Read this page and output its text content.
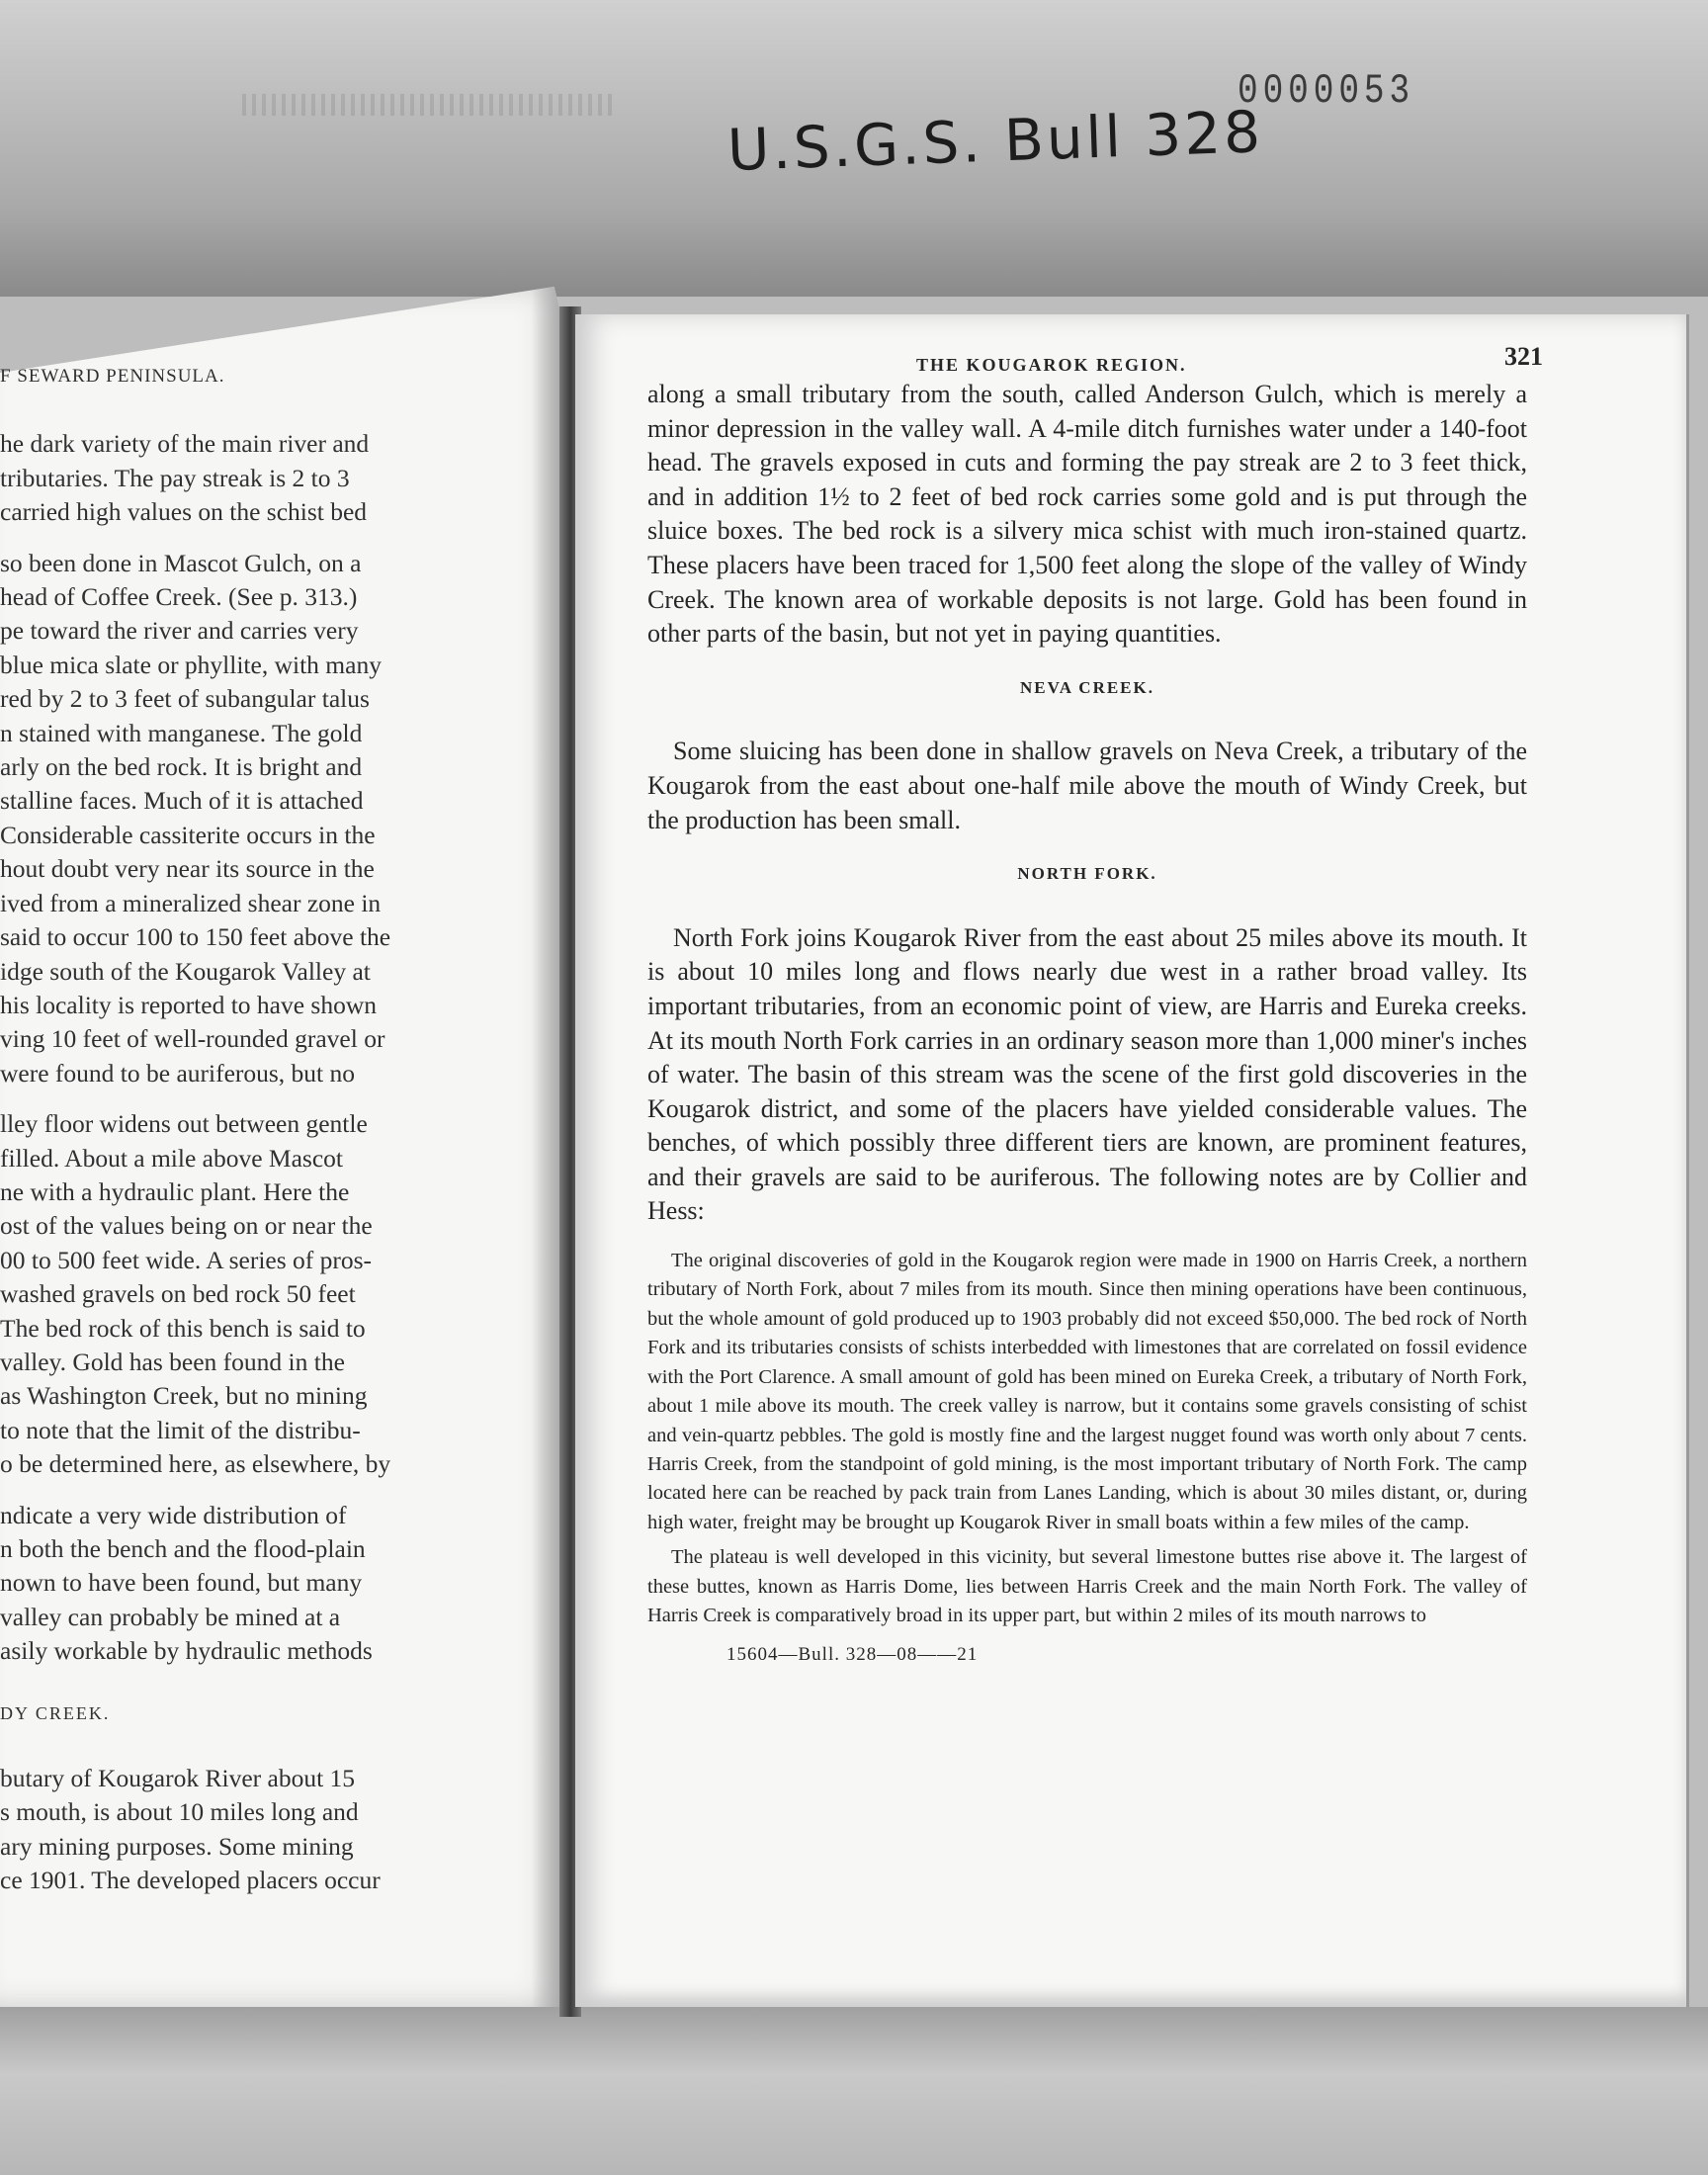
0000053

U.S.G.S. Bull 328

F SEWARD PENINSULA.

he dark variety of the main river and

tributaries. The pay streak is 2 to 3

carried high values on the schist bed

so been done in Mascot Gulch, on a

head of Coffee Creek. (See p. 313.)

pe toward the river and carries very

blue mica slate or phyllite, with many

red by 2 to 3 feet of subangular talus

n stained with manganese. The gold

arly on the bed rock. It is bright and

stalline faces. Much of it is attached

Considerable cassiterite occurs in the

hout doubt very near its source in the

ived from a mineralized shear zone in

said to occur 100 to 150 feet above the

idge south of the Kougarok Valley at

his locality is reported to have shown

ving 10 feet of well-rounded gravel or

were found to be auriferous, but no

lley floor widens out between gentle

filled. About a mile above Mascot

ne with a hydraulic plant. Here the

ost of the values being on or near the

00 to 500 feet wide. A series of pros-

washed gravels on bed rock 50 feet

The bed rock of this bench is said to

valley. Gold has been found in the

as Washington Creek, but no mining

to note that the limit of the distribu-

o be determined here, as elsewhere, by

ndicate a very wide distribution of

n both the bench and the flood-plain

nown to have been found, but many

valley can probably be mined at a

asily workable by hydraulic methods

DY CREEK.

butary of Kougarok River about 15

s mouth, is about 10 miles long and

ary mining purposes. Some mining

ce 1901. The developed placers occur

THE KOUGAROK REGION.	321

along a small tributary from the south, called Anderson Gulch, which is merely a minor depression in the valley wall. A 4-mile ditch furnishes water under a 140-foot head. The gravels exposed in cuts and forming the pay streak are 2 to 3 feet thick, and in addition 1½ to 2 feet of bed rock carries some gold and is put through the sluice boxes. The bed rock is a silvery mica schist with much iron-stained quartz. These placers have been traced for 1,500 feet along the slope of the valley of Windy Creek. The known area of workable deposits is not large. Gold has been found in other parts of the basin, but not yet in paying quantities.

NEVA CREEK.

Some sluicing has been done in shallow gravels on Neva Creek, a tributary of the Kougarok from the east about one-half mile above the mouth of Windy Creek, but the production has been small.

NORTH FORK.

North Fork joins Kougarok River from the east about 25 miles above its mouth. It is about 10 miles long and flows nearly due west in a rather broad valley. Its important tributaries, from an economic point of view, are Harris and Eureka creeks. At its mouth North Fork carries in an ordinary season more than 1,000 miner's inches of water. The basin of this stream was the scene of the first gold discoveries in the Kougarok district, and some of the placers have yielded considerable values. The benches, of which possibly three different tiers are known, are prominent features, and their gravels are said to be auriferous. The following notes are by Collier and Hess:

The original discoveries of gold in the Kougarok region were made in 1900 on Harris Creek, a northern tributary of North Fork, about 7 miles from its mouth. Since then mining operations have been continuous, but the whole amount of gold produced up to 1903 probably did not exceed $50,000. The bed rock of North Fork and its tributaries consists of schists interbedded with limestones that are correlated on fossil evidence with the Port Clarence. A small amount of gold has been mined on Eureka Creek, a tributary of North Fork, about 1 mile above its mouth. The creek valley is narrow, but it contains some gravels consisting of schist and vein-quartz pebbles. The gold is mostly fine and the largest nugget found was worth only about 7 cents. Harris Creek, from the standpoint of gold mining, is the most important tributary of North Fork. The camp located here can be reached by pack train from Lanes Landing, which is about 30 miles distant, or, during high water, freight may be brought up Kougarok River in small boats within a few miles of the camp.

The plateau is well developed in this vicinity, but several limestone buttes rise above it. The largest of these buttes, known as Harris Dome, lies between Harris Creek and the main North Fork. The valley of Harris Creek is comparatively broad in its upper part, but within 2 miles of its mouth narrows to

15604—Bull. 328—08——21
